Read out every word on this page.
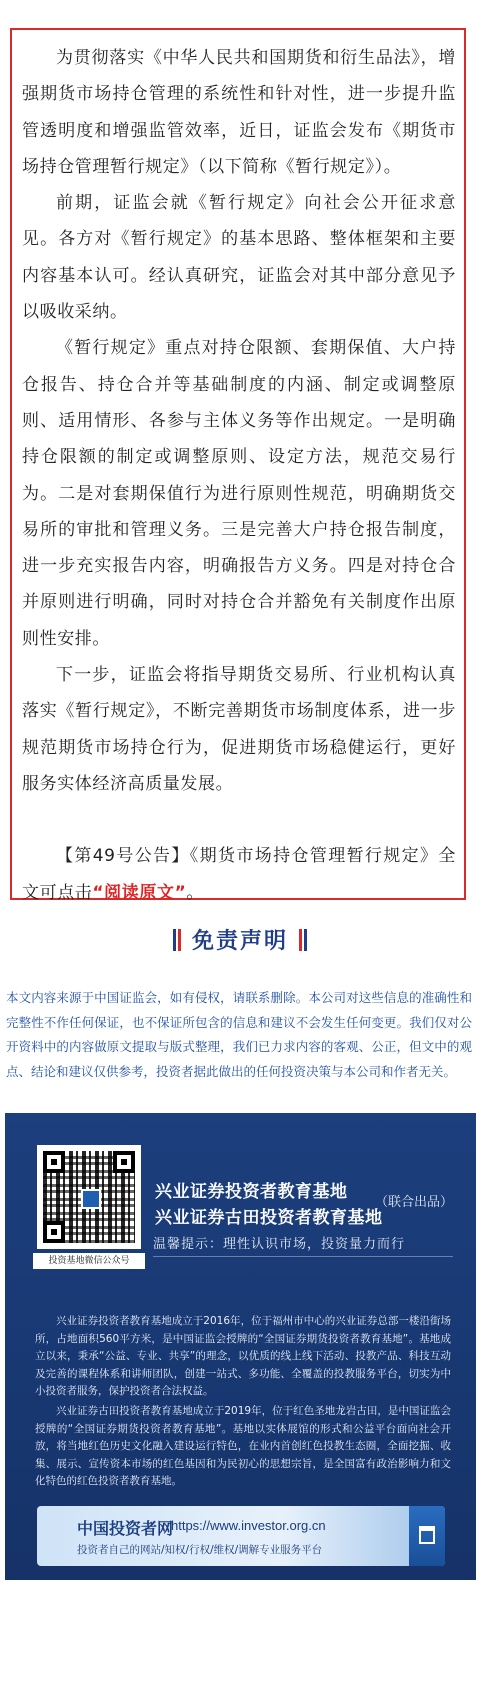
为贯彻落实《中华人民共和国期货和衍生品法》，增强期货市场持仓管理的系统性和针对性，进一步提升监管透明度和增强监管效率，近日，证监会发布《期货市场持仓管理暂行规定》（以下简称《暂行规定》）。

前期，证监会就《暂行规定》向社会公开征求意见。各方对《暂行规定》的基本思路、整体框架和主要内容基本认可。经认真研究，证监会对其中部分意见予以吸收采纳。

《暂行规定》重点对持仓限额、套期保值、大户持仓报告、持仓合并等基础制度的内涵、制定或调整原则、适用情形、各参与主体义务等作出规定。一是明确持仓限额的制定或调整原则、设定方法，规范交易行为。二是对套期保值行为进行原则性规范，明确期货交易所的审批和管理义务。三是完善大户持仓报告制度，进一步充实报告内容，明确报告方义务。四是对持仓合并原则进行明确，同时对持仓合并豁免有关制度作出原则性安排。

下一步，证监会将指导期货交易所、行业机构认真落实《暂行规定》，不断完善期货市场制度体系，进一步规范期货市场持仓行为，促进期货市场稳健运行，更好服务实体经济高质量发展。

【第49号公告】《期货市场持仓管理暂行规定》全文可点击“阅读原文”。

免责声明

本文内容来源于中国证监会，如有侵权，请联系删除。本公司对这些信息的准确性和完整性不作任何保证，也不保证所包含的信息和建议不会发生任何变更。我们仅对公开资料中的内容做原文提取与版式整理，我们已力求内容的客观、公正，但文中的观点、结论和建议仅供参考，投资者据此做出的任何投资决策与本公司和作者无关。

投资基地微信公众号
兴业证券投资者教育基地
兴业证券古田投资者教育基地
（联合出品）
温馨提示：理性认识市场，投资量力而行

兴业证券投资者教育基地成立于2016年，位于福州市中心的兴业证券总部一楼沿街场所，占地面积560平方米，是中国证监会授牌的“全国证券期货投资者教育基地”。基地成立以来，秉承“公益、专业、共享”的理念，以优质的线上线下活动、投教产品、科技互动及完善的课程体系和讲师团队，创建一站式、多功能、全覆盖的投教服务平台，切实为中小投资者服务，保护投资者合法权益。

兴业证券古田投资者教育基地成立于2019年，位于红色圣地龙岩古田，是中国证监会授牌的“全国证券期货投资者教育基地”。基地以实体展馆的形式和公益平台面向社会开放，将当地红色历史文化融入建设运行特色，在业内首创红色投教生态圈，全面挖掘、收集、展示、宣传资本市场的红色基因和为民初心的思想宗旨，是全国富有政治影响力和文化特色的红色投资者教育基地。

中国投资者网
https://www.investor.org.cn
投资者自己的网站/知权/行权/维权/调解专业服务平台
